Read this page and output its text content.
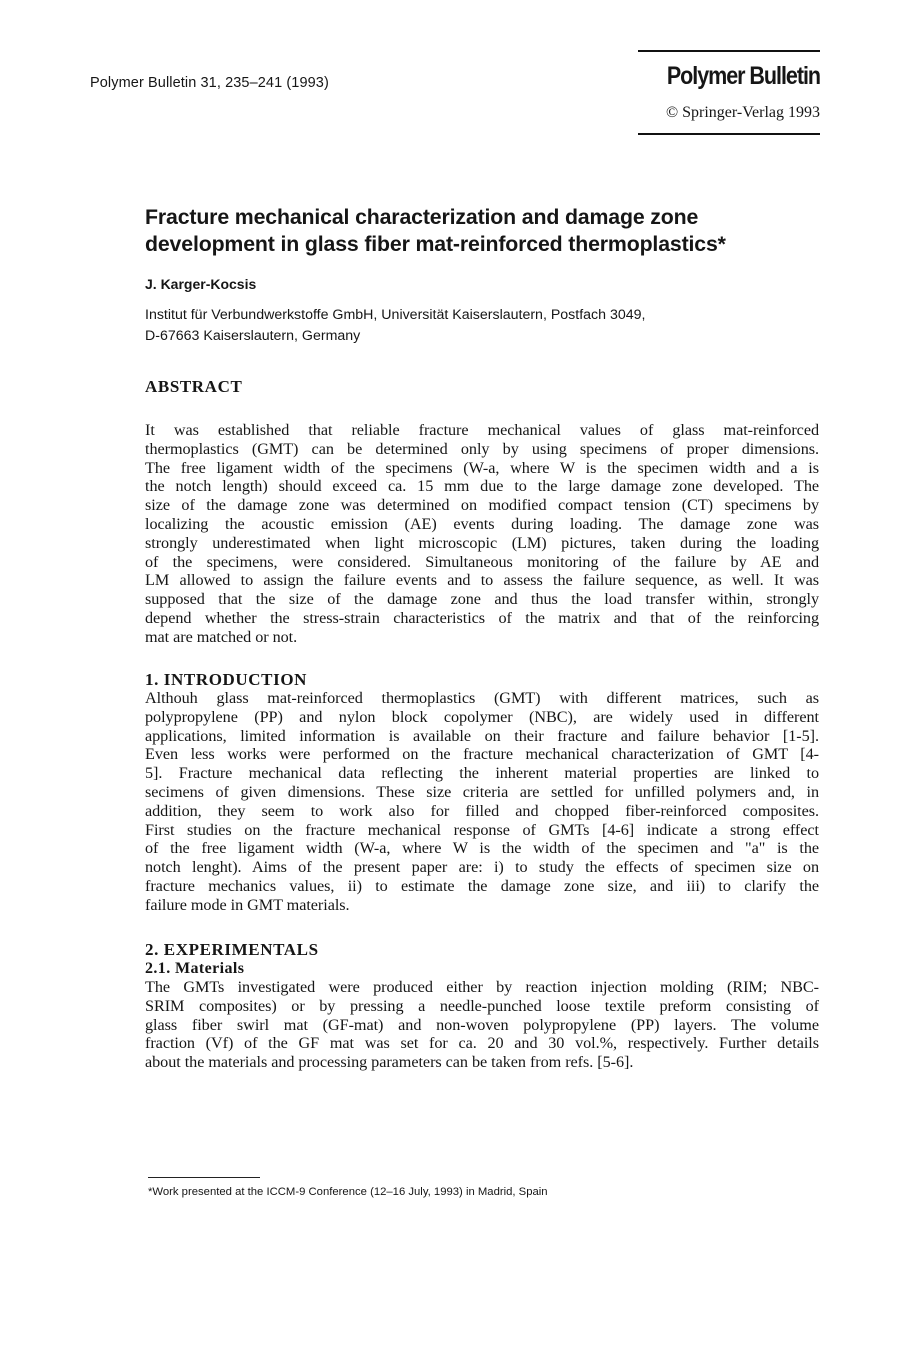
Polymer Bulletin 31, 235–241 (1993)	Polymer Bulletin
© Springer-Verlag 1993
Fracture mechanical characterization and damage zone
development in glass fiber mat-reinforced thermoplastics*
J. Karger-Kocsis
Institut für Verbundwerkstoffe GmbH, Universität Kaiserslautern, Postfach 3049,
D-67663 Kaiserslautern, Germany
ABSTRACT
It was established that reliable fracture mechanical values of glass mat-reinforced
thermoplastics (GMT) can be determined only by using specimens of proper dimensions.
The free ligament width of the specimens (W-a, where W is the specimen width and a is
the notch length) should exceed ca. 15 mm due to the large damage zone developed. The
size of the damage zone was determined on modified compact tension (CT) specimens by
localizing the acoustic emission (AE) events during loading. The damage zone was
strongly underestimated when light microscopic (LM) pictures, taken during the loading
of the specimens, were considered. Simultaneous monitoring of the failure by AE and
LM allowed to assign the failure events and to assess the failure sequence, as well. It was
supposed that the size of the damage zone and thus the load transfer within, strongly
depend whether the stress-strain characteristics of the matrix and that of the reinforcing
mat are matched or not.
1. INTRODUCTION
Althouh glass mat-reinforced thermoplastics (GMT) with different matrices, such as
polypropylene (PP) and nylon block copolymer (NBC), are widely used in different
applications, limited information is available on their fracture and failure behavior [1-5].
Even less works were performed on the fracture mechanical characterization of GMT [4-
5]. Fracture mechanical data reflecting the inherent material properties are linked to
secimens of given dimensions. These size criteria are settled for unfilled polymers and, in
addition, they seem to work also for filled and chopped fiber-reinforced composites.
First studies on the fracture mechanical response of GMTs [4-6] indicate a strong effect
of the free ligament width (W-a, where W is the width of the specimen and "a" is the
notch lenght). Aims of the present paper are: i) to study the effects of specimen size on
fracture mechanics values, ii) to estimate the damage zone size, and iii) to clarify the
failure mode in GMT materials.
2. EXPERIMENTALS
2.1. Materials
The GMTs investigated were produced either by reaction injection molding (RIM; NBC-
SRIM composites) or by pressing a needle-punched loose textile preform consisting of
glass fiber swirl mat (GF-mat) and non-woven polypropylene (PP) layers. The volume
fraction (Vf) of the GF mat was set for ca. 20 and 30 vol.%, respectively. Further details
about the materials and processing parameters can be taken from refs. [5-6].
*Work presented at the ICCM-9 Conference (12–16 July, 1993) in Madrid, Spain
